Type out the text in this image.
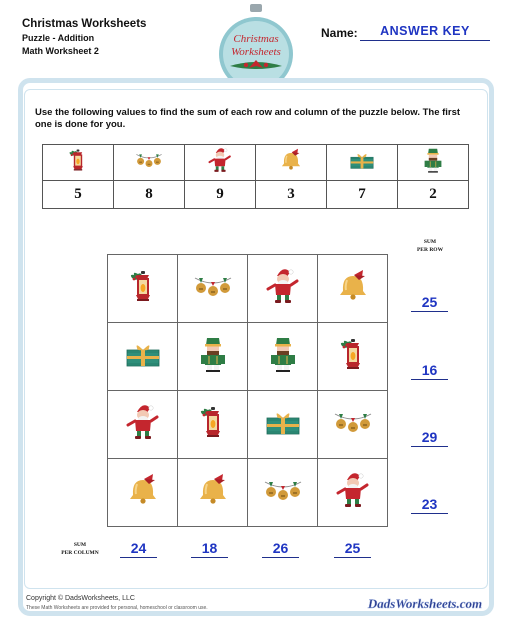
Christmas Worksheets
Puzzle - Addition
Math Worksheet 2
Christmas
Worksheets
Name:	ANSWER KEY
Use the following values to find the sum of each row and column of the puzzle below. The first one is done for you.

5	8	9	3	7	2
SUM
PER ROW

25
16
29
23
SUM
PER COLUMN	24	18	26	25
Copyright © DadsWorksheets, LLC
These Math Worksheets are provided for personal, homeschool or classroom use.	DadsWorksheets.com
